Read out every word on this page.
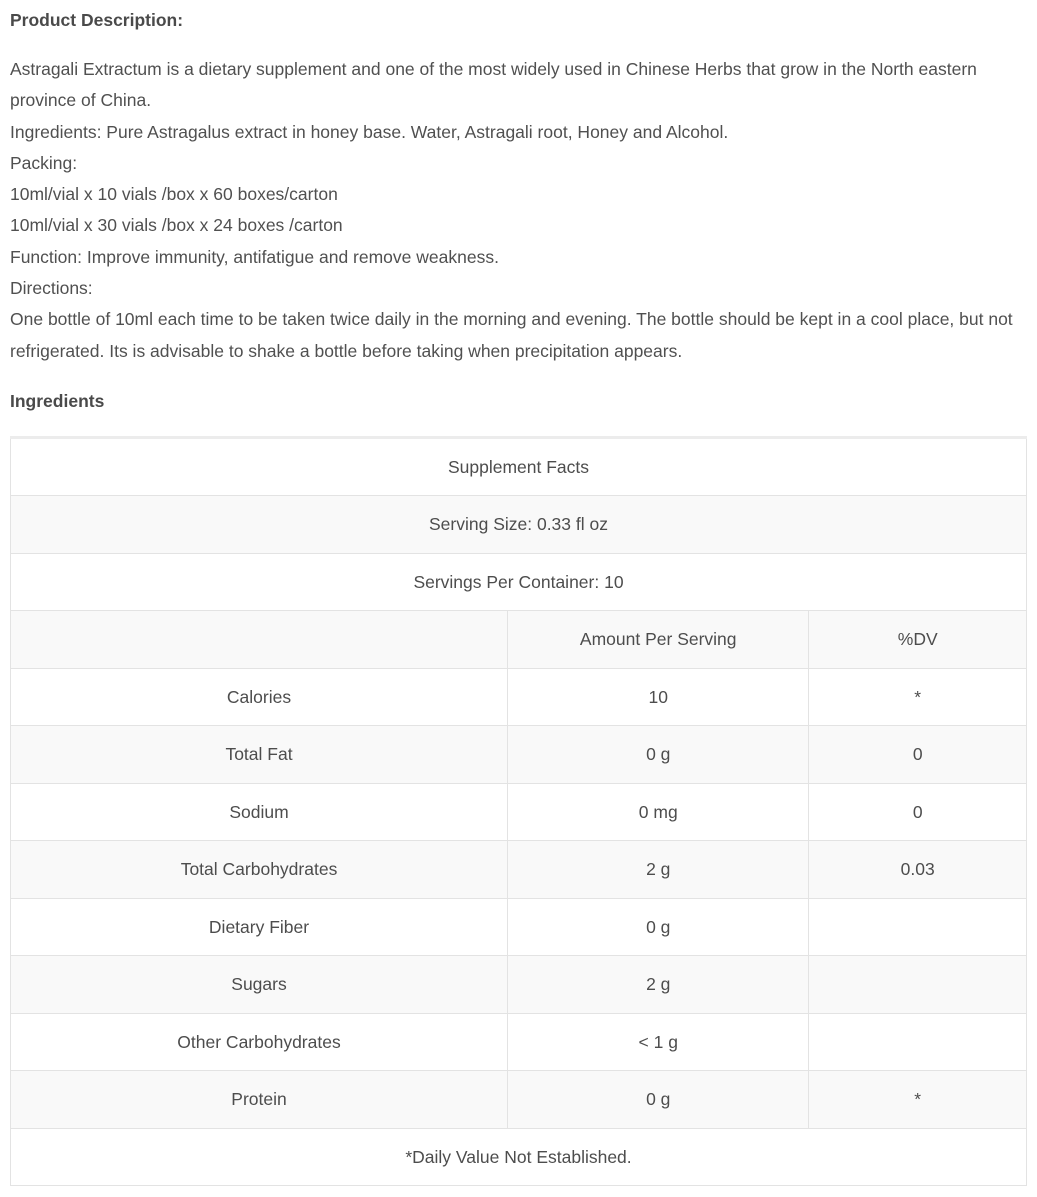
Product Description:

Astragali Extractum is a dietary supplement and one of the most widely used in Chinese Herbs that grow in the North eastern province of China.

Ingredients: Pure Astragalus extract in honey base. Water, Astragali root, Honey and Alcohol.

Packing:

10ml/vial x 10 vials /box x 60 boxes/carton

10ml/vial x 30 vials /box x 24 boxes /carton

Function: Improve immunity, antifatigue and remove weakness.

Directions:

One bottle of 10ml each time to be taken twice daily in the morning and evening. The bottle should be kept in a cool place, but not refrigerated. Its is advisable to shake a bottle before taking when precipitation appears.

Ingredients
Supplement Facts		
Serving Size: 0.33 fl oz		
Servings Per Container: 10		
	Amount Per Serving	%DV
Calories	10	*
Total Fat	0 g	0
Sodium	0 mg	0
Total Carbohydrates	2 g	0.03
Dietary Fiber	0 g	
Sugars	2 g	
Other Carbohydrates	< 1 g	
Protein	0 g	*
*Daily Value Not Established.		
